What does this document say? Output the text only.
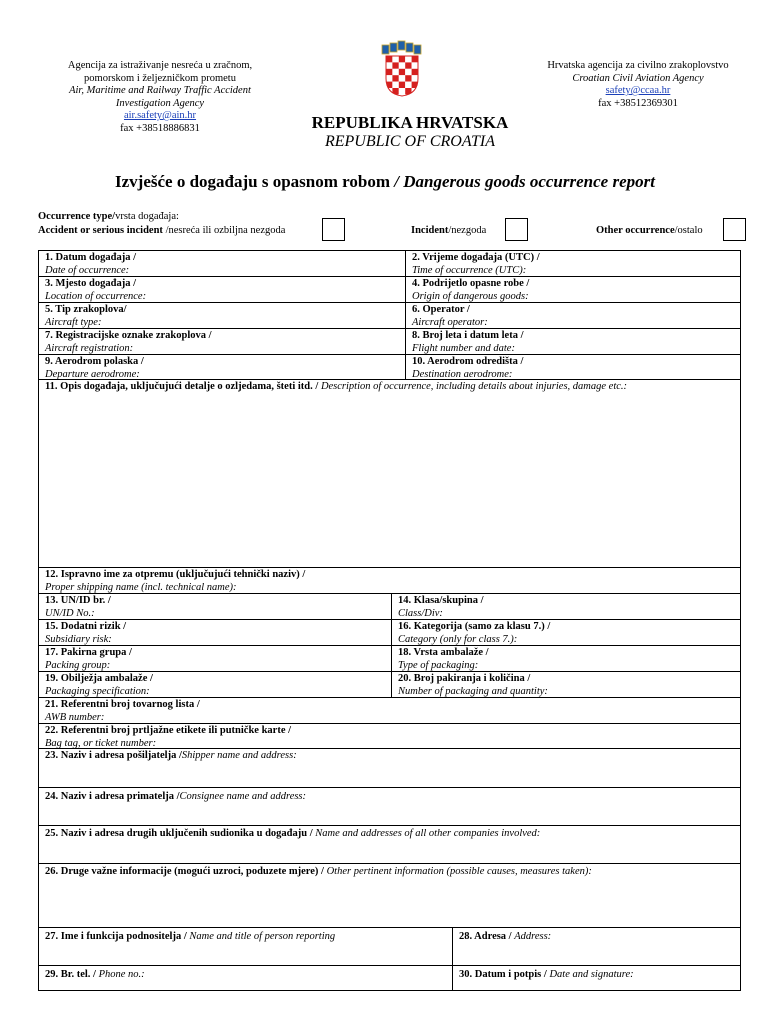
Agencija za istraživanje nesreća u zračnom,
pomorskom i željezničkom prometu
Air, Maritime and Railway Traffic Accident
Investigation Agency
air.safety@ain.hr
fax +38518886831
Hrvatska agencija za civilno zrakoplovstvo
Croatian Civil Aviation Agency
safety@ccaa.hr
fax +38512369301
REPUBLIKA HRVATSKA
REPUBLIC OF CROATIA
Izvješće o događaju s opasnom robom / Dangerous goods occurrence report
Occurrence type/vrsta događaja:
Accident or serious incident /nesreća ili ozbiljna nezgoda	Incident/nezgoda	Other occurrence/ostalo
1. Datum događaja /
Date of occurrence:
2. Vrijeme događaja (UTC) /
Time of occurrence (UTC):
3. Mjesto događaja /
Location of occurrence:
4. Podrijetlo opasne robe /
Origin of dangerous goods:
5. Tip zrakoplova/
Aircraft type:
6. Operator /
Aircraft operator:
7. Registracijske oznake zrakoplova /
Aircraft registration:
8. Broj leta i datum leta /
Flight number and date:
9. Aerodrom polaska /
Departure aerodrome:
10. Aerodrom odredišta /
Destination aerodrome:
11. Opis događaja, uključujući detalje o ozljedama, šteti itd. / Description of occurrence, including details about injuries, damage etc.:
12. Ispravno ime za otpremu (uključujući tehnički naziv) /
Proper shipping name (incl. technical name):
13. UN/ID br. /
UN/ID No.:
14. Klasa/skupina /
Class/Div:
15. Dodatni rizik /
Subsidiary risk:
16. Kategorija (samo za klasu 7.) /
Category (only for class 7.):
17. Pakirna grupa /
Packing group:
18. Vrsta ambalaže /
Type of packaging:
19. Obilježja ambalaže /
Packaging specification:
20. Broj pakiranja i količina /
Number of packaging and quantity:
21. Referentni broj tovarnog lista /
AWB number:
22. Referentni broj prtljažne etikete ili putničke karte /
Bag tag, or ticket number:
23. Naziv i adresa pošiljatelja /Shipper name and address:
24. Naziv i adresa primatelja /Consignee name and address:
25. Naziv i adresa drugih uključenih sudionika u događaju / Name and addresses of all other companies involved:
26. Druge važne informacije (mogući uzroci, poduzete mjere) / Other pertinent information (possible causes, measures taken):
27. Ime i funkcija podnositelja / Name and title of person reporting	28. Adresa / Address:
29. Br. tel. / Phone no.:	30. Datum i potpis / Date and signature:
